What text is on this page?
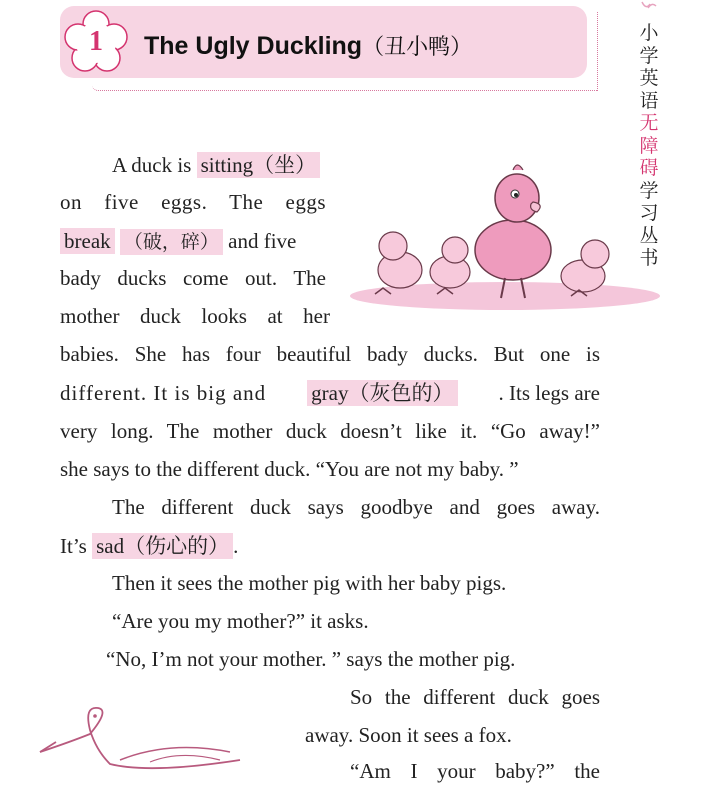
1	The Ugly Duckling（丑小鸭）
小
学
英
语
无
障
碍
学
习
丛
书
A duck is sitting（坐）
on five eggs. The eggs
break （破，碎） and five
bady ducks come out. The
mother duck looks at her
babies. She has four beautiful bady ducks. But one is
different. It is big and gray（灰色的） . Its legs are
very long. The mother duck doesn’t like it. “Go away!”
she says to the different duck. “You are not my baby. ”
The different duck says goodbye and goes away.
It’s sad（伤心的） .
Then it sees the mother pig with her baby pigs.
“Are you my mother?” it asks.
“No, I’m not your mother. ” says the mother pig.
So the different duck goes
away. Soon it sees a fox.
“Am I your baby?” the
